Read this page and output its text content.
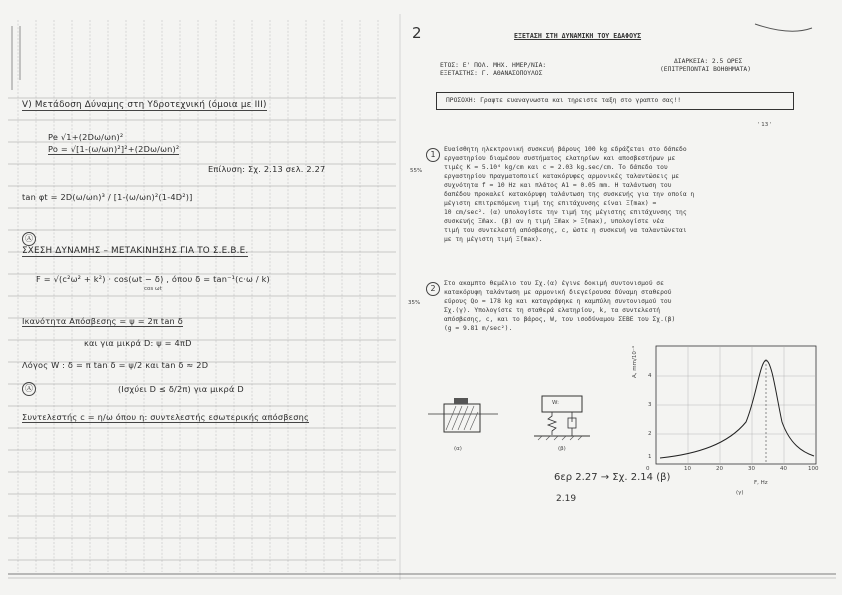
V) Μετάδοση Δύναμης στη Υδροτεχνική (όμοια με ΙΙΙ)
Pe √1+(2Dω/ωn)²
Po = √[1-(ω/ωn)²]²+(2Dω/ωn)²
Επίλυση: Σχ. 2.13 σελ. 2.27
tan φt = 2D(ω/ωn)³ / [1-(ω/ωn)²(1-4D²)]
Ⓐ
ΣΧΕΣΗ ΔΥΝΑΜΗΣ – ΜΕΤΑΚΙΝΗΣΗΣ ΓΙΑ ΤΟ Σ.Ε.Β.Ε.
F = √(c²ω² + k²) · cos(ωt − δ) , όπου δ = tan⁻¹(c·ω / k)
cos ωt
Ικανότητα Απόσβεσης = ψ = 2π tan δ
και για μικρά D: ψ = 4πD
Λόγος W : δ = π tan δ = ψ/2 και tan δ ≈ 2D
Ⓐ	(Ισχύει D ≤ δ/2π) για μικρά D
Συντελεστής c = η/ω όπου η: συντελεστής εσωτερικής απόσβεσης
2	ΕΞΕΤΑΣΗ ΣΤΗ ΔΥΝΑΜΙΚΗ ΤΟΥ ΕΔΑΦΟΥΣ
ΕΤΟΣ: Ε' ΠΟΛ. ΜΗΧ. ΗΜΕΡ/ΝΙΑ:
ΕΞΕΤΑΣΤΗΣ: Γ. ΑΘΑΝΑΣΟΠΟΥΛΟΣ
ΔΙΑΡΚΕΙΑ: 2.5 ΩΡΕΣ
(ΕΠΙΤΡΕΠΟΝΤΑΙ ΒΟΗΘΗΜΑΤΑ)
ΠΡΟΣΟΧΗ: Γραψτε ευαναγνωστα και τηρειστε ταξη στο γραπτο σας!!
' 13 '
1
55%
Ευαίσθητη ηλεκτρονική συσκευή βάρους 100 kg εδράζεται στο δάπεδο
εργαστηρίου διαμέσου συστήματος ελατηρίων και αποσβεστήρων με
τιμές K = 5.10⁴ kg/cm και c = 2.03 kg.sec/cm. Το δάπεδο του
εργαστηρίου πραγματοποιεί κατακόρυφες αρμονικές ταλαντώσεις με
συχνότητα f = 10 Hz και πλάτος A1 = 0.05 mm. Η ταλάντωση του
δαπέδου προκαλεί κατακόρυφη ταλάντωση της συσκευής για την οποία η
μέγιστη επιτρεπόμενη τιμή της επιτάχυνσης είναι Ξ̈(max) =
10 cm/sec². (α) υπολογίστε την τιμή της μέγιστης επιτάχυνσης της
συσκευής Ξ̈max. (β) αν η τιμή Ξ̈max > Ξ̈(max), υπολογίστε νέα
τιμή του συντελεστή απόσβεσης, c, ώστε η συσκευή να ταλαντώνεται
με τη μέγιστη τιμή Ξ̈(max).
2
35%
Στο ακαμπτο θεμέλιο του Σχ.(α) έγινε δοκιμή συντονισμού σε
κατακόρυφη ταλάντωση με αρμονική διεγείρουσα δύναμη σταθερού
εύρους Qo = 178 kg και καταγράφηκε η καμπύλη συντονισμού του
Σχ.(γ). Υπολογίστε τη σταθερά ελατηρίου, k, τα συντελεστή
απόσβεσης, c, και το βάρος, W, του ισοδύναμου ΣΕΒΕ του Σχ.(β)
(g = 9.81 m/sec²).
(α)
W:
(β)
A, mm/10⁻⁴
0	10	20	30	40	100
4
3
2
1
F, Hz
(γ)
6ερ 2.27 → Σχ. 2.14 (β)
2.19
